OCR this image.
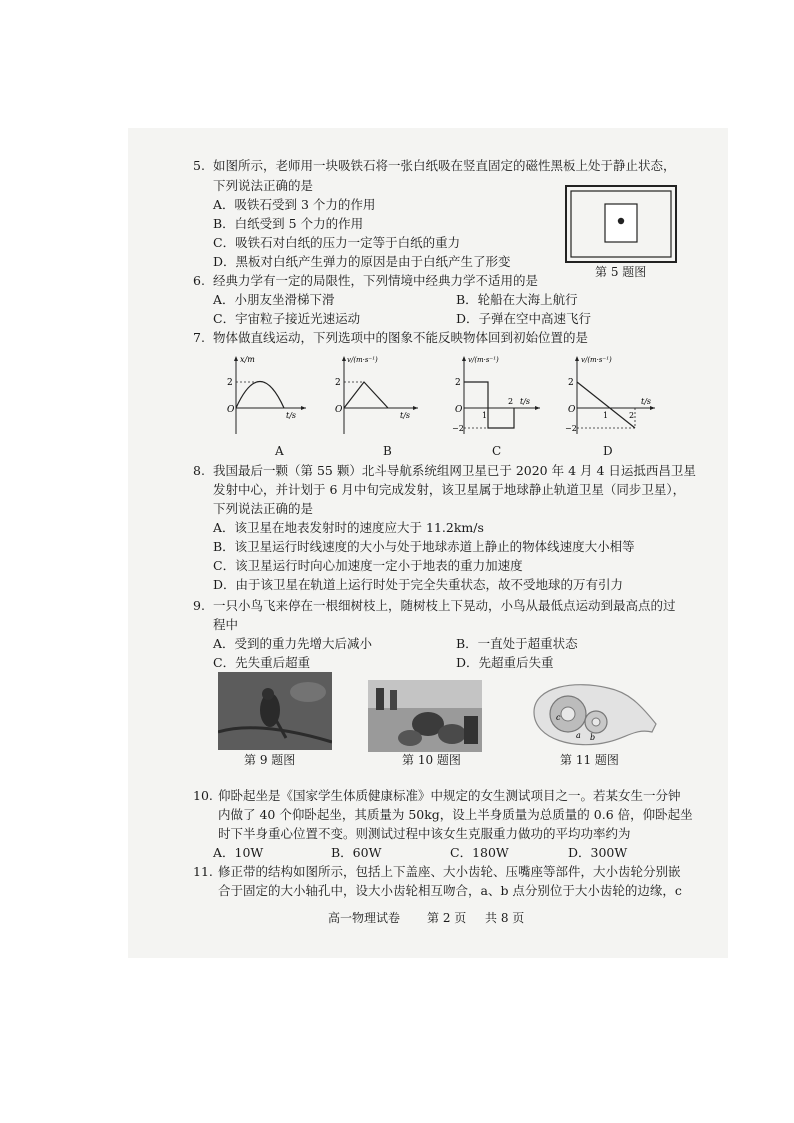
5. 如图所示，老师用一块吸铁石将一张白纸吸在竖直固定的磁性黑板上处于静止状态，
下列说法正确的是
A．吸铁石受到 3 个力的作用
B．白纸受到 5 个力的作用
C．吸铁石对白纸的压力一定等于白纸的重力
D．黑板对白纸产生弹力的原因是由于白纸产生了形变
第 5 题图
6. 经典力学有一定的局限性，下列情境中经典力学不适用的是
A．小朋友坐滑梯下滑	B．轮船在大海上航行
C．宇宙粒子接近光速运动	D．子弹在空中高速飞行
7. 物体做直线运动，下列选项中的图象不能反映物体回到初始位置的是
x/m
t/s
O
2
A
v/(m·s⁻¹)
t/s
O
2
B
v/(m·s⁻¹)
t/s
O
2
−2
1
2
C
v/(m·s⁻¹)
t/s
O
2
−2
1	2
D
8. 我国最后一颗（第 55 颗）北斗导航系统组网卫星已于 2020 年 4 月 4 日运抵西昌卫星
发射中心，并计划于 6 月中旬完成发射，该卫星属于地球静止轨道卫星（同步卫星），
下列说法正确的是
A．该卫星在地表发射时的速度应大于 11.2km/s
B．该卫星运行时线速度的大小与处于地球赤道上静止的物体线速度大小相等
C．该卫星运行时向心加速度一定小于地表的重力加速度
D．由于该卫星在轨道上运行时处于完全失重状态，故不受地球的万有引力
9. 一只小鸟飞来停在一根细树枝上，随树枝上下晃动，小鸟从最低点运动到最高点的过
程中
A．受到的重力先增大后减小	B．一直处于超重状态
C．先失重后超重	D．先超重后失重
第 9 题图	第 10 题图
c
a b
第 11 题图
10. 仰卧起坐是《国家学生体质健康标准》中规定的女生测试项目之一。若某女生一分钟
内做了 40 个仰卧起坐，其质量为 50kg，设上半身质量为总质量的 0.6 倍，仰卧起坐
时下半身重心位置不变。则测试过程中该女生克服重力做功的平均功率约为
A．10W	B．60W	C．180W	D．300W
11. 修正带的结构如图所示，包括上下盖座、大小齿轮、压嘴座等部件，大小齿轮分别嵌
合于固定的大小轴孔中，设大小齿轮相互吻合，a、b 点分别位于大小齿轮的边缘，c
高一物理试卷 第 2 页 共 8 页
